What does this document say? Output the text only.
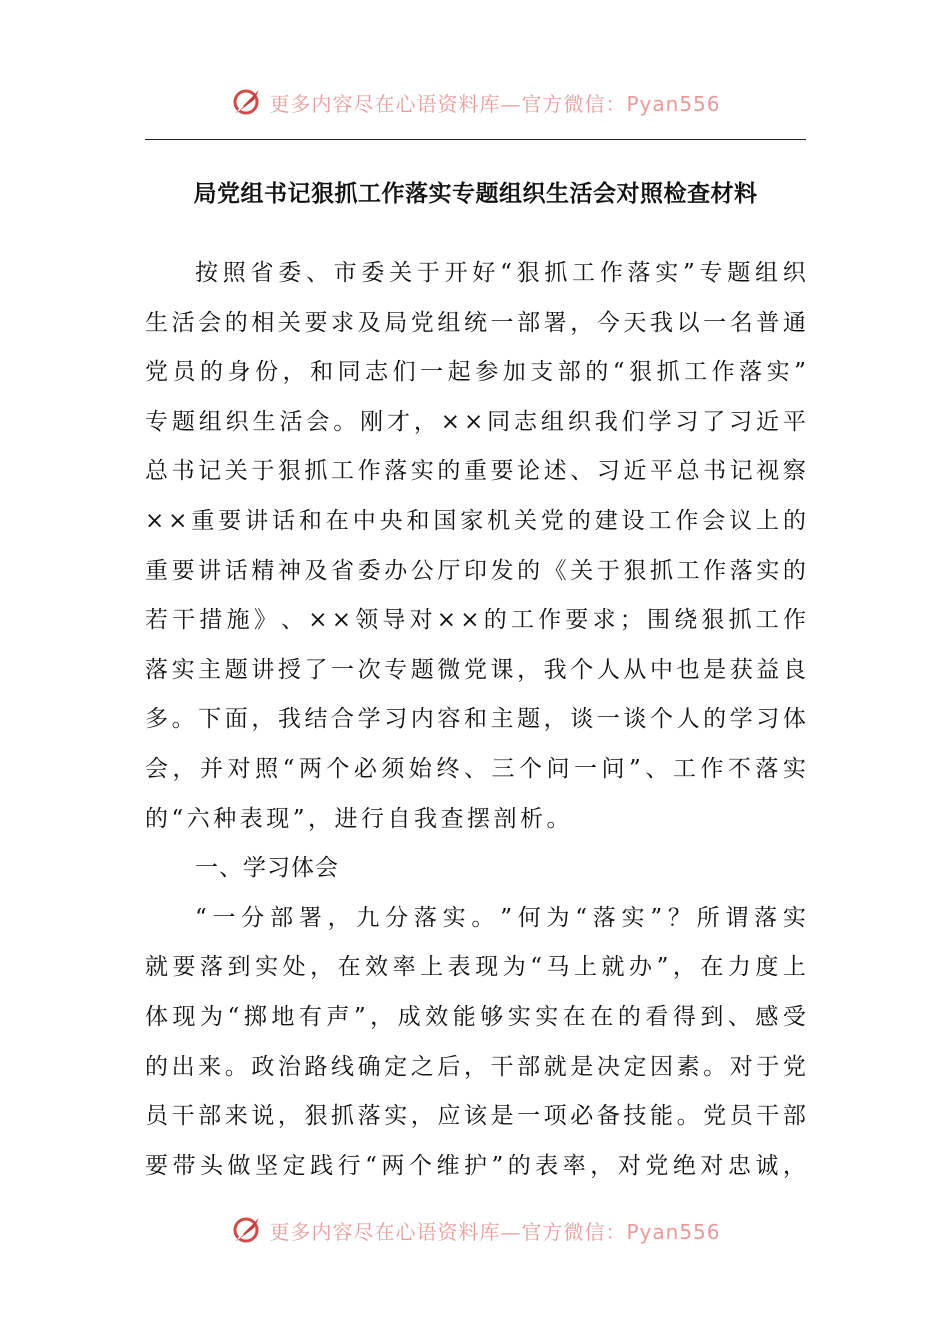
更多内容尽在心语资料库—官方微信：Pyan556
局党组书记狠抓工作落实专题组织生活会对照检查材料
按 照 省 委 、 市 委 关 于 开 好 “ 狠 抓 工 作 落 实 ” 专 题 组 织
生 活 会 的 相 关 要 求 及 局 党 组 统 一 部 署 ， 今 天 我 以 一 名 普 通
党 员 的 身 份 ， 和 同 志 们 一 起 参 加 支 部 的 “ 狠 抓 工 作 落 实 ”
专 题 组 织 生 活 会 。 刚 才 ， × × 同 志 组 织 我 们 学 习 了 习 近 平
总 书 记 关 于 狠 抓 工 作 落 实 的 重 要 论 述 、 习 近 平 总 书 记 视 察
× × 重 要 讲 话 和 在 中 央 和 国 家 机 关 党 的 建 设 工 作 会 议 上 的
重 要 讲 话 精 神 及 省 委 办 公 厅 印 发 的 《 关 于 狠 抓 工 作 落 实 的
若 干 措 施 》 、 × × 领 导 对 × × 的 工 作 要 求 ； 围 绕 狠 抓 工 作
落 实 主 题 讲 授 了 一 次 专 题 微 党 课 ， 我 个 人 从 中 也 是 获 益 良
多 。 下 面 ， 我 结 合 学 习 内 容 和 主 题 ， 谈 一 谈 个 人 的 学 习 体
会 ， 并 对 照 “ 两 个 必 须 始 终 、 三 个 问 一 问 ” 、 工 作 不 落 实
的“六种表现”，进行自我查摆剖析。
一、学习体会
“ 一 分 部 署 ， 九 分 落 实 。 ” 何 为 “ 落 实 ” ？ 所 谓 落 实
就 要 落 到 实 处 ， 在 效 率 上 表 现 为 “ 马 上 就 办 ” ， 在 力 度 上
体 现 为 “ 掷 地 有 声 ” ， 成 效 能 够 实 实 在 在 的 看 得 到 、 感 受
的 出 来 。 政 治 路 线 确 定 之 后 ， 干 部 就 是 决 定 因 素 。 对 于 党
员 干 部 来 说 ， 狠 抓 落 实 ， 应 该 是 一 项 必 备 技 能 。 党 员 干 部
要 带 头 做 坚 定 践 行 “ 两 个 维 护 ” 的 表 率 ， 对 党 绝 对 忠 诚 ，
更多内容尽在心语资料库—官方微信：Pyan556
